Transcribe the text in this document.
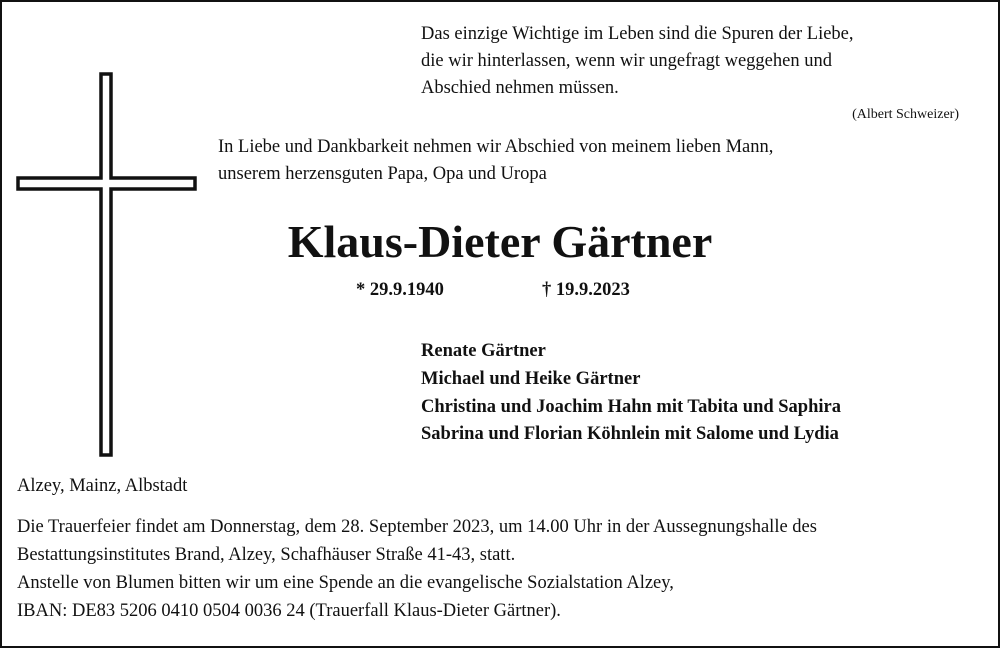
Das einzige Wichtige im Leben sind die Spuren der Liebe,
die wir hinterlassen, wenn wir ungefragt weggehen und
Abschied nehmen müssen.
(Albert Schweizer)
In Liebe und Dankbarkeit nehmen wir Abschied von meinem lieben Mann,
unserem herzensguten Papa, Opa und Uropa
Klaus-Dieter Gärtner
* 29.9.1940	† 19.9.2023
Renate Gärtner
Michael und Heike Gärtner
Christina und Joachim Hahn mit Tabita und Saphira
Sabrina und Florian Köhnlein mit Salome und Lydia
Alzey, Mainz, Albstadt
Die Trauerfeier findet am Donnerstag, dem 28. September 2023, um 14.00 Uhr in der Aussegnungshalle des
Bestattungsinstitutes Brand, Alzey, Schafhäuser Straße 41-43, statt.
Anstelle von Blumen bitten wir um eine Spende an die evangelische Sozialstation Alzey,
IBAN: DE83 5206 0410 0504 0036 24 (Trauerfall Klaus-Dieter Gärtner).
